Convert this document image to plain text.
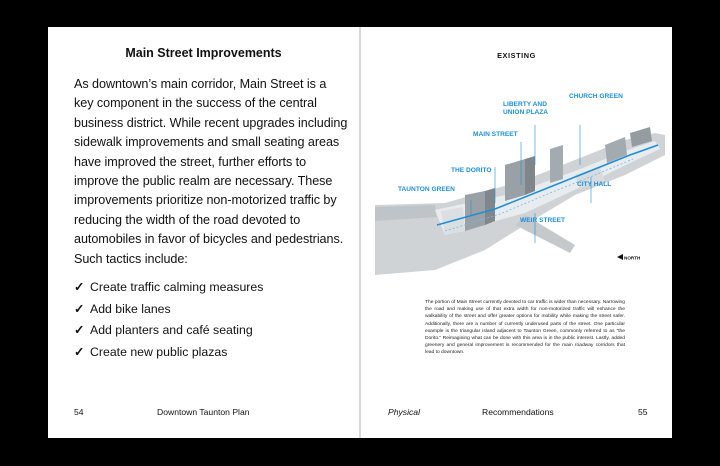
Main Street Improvements
As downtown’s main corridor, Main Street is a key component in the success of the central business district. While recent upgrades including sidewalk improvements and small seating areas have improved the street, further efforts to improve the public realm are necessary. These improvements prioritize non-motorized traffic by reducing the width of the road devoted to automobiles in favor of bicycles and pedestrians. Such tactics include:
✓ Create traffic calming measures
✓ Add bike lanes
✓ Add planters and café seating
✓ Create new public plazas
54	Downtown Taunton Plan
EXISTING
LIBERTY AND
UNION PLAZA
CHURCH GREEN
MAIN STREET
THE DORITO
TAUNTON GREEN
CITY HALL
WEIR STREET
NORTH
The portion of Main Street currently devoted to car traffic is wider than necessary. Narrowing the road and making use of that extra width for non-motorized traffic will enhance the walkability of the street and offer greater options for mobility while making the street safer. Additionally, there are a number of currently underused parts of the street. One particular example is the triangular island adjacent to Taunton Green, commonly referred to as “the Dorito.” Reimagining what can be done with this area is in the public interest. Lastly, added greenery and general improvement is recommended for the main roadway corridors that lead to downtown.
Physical	Recommendations	55
